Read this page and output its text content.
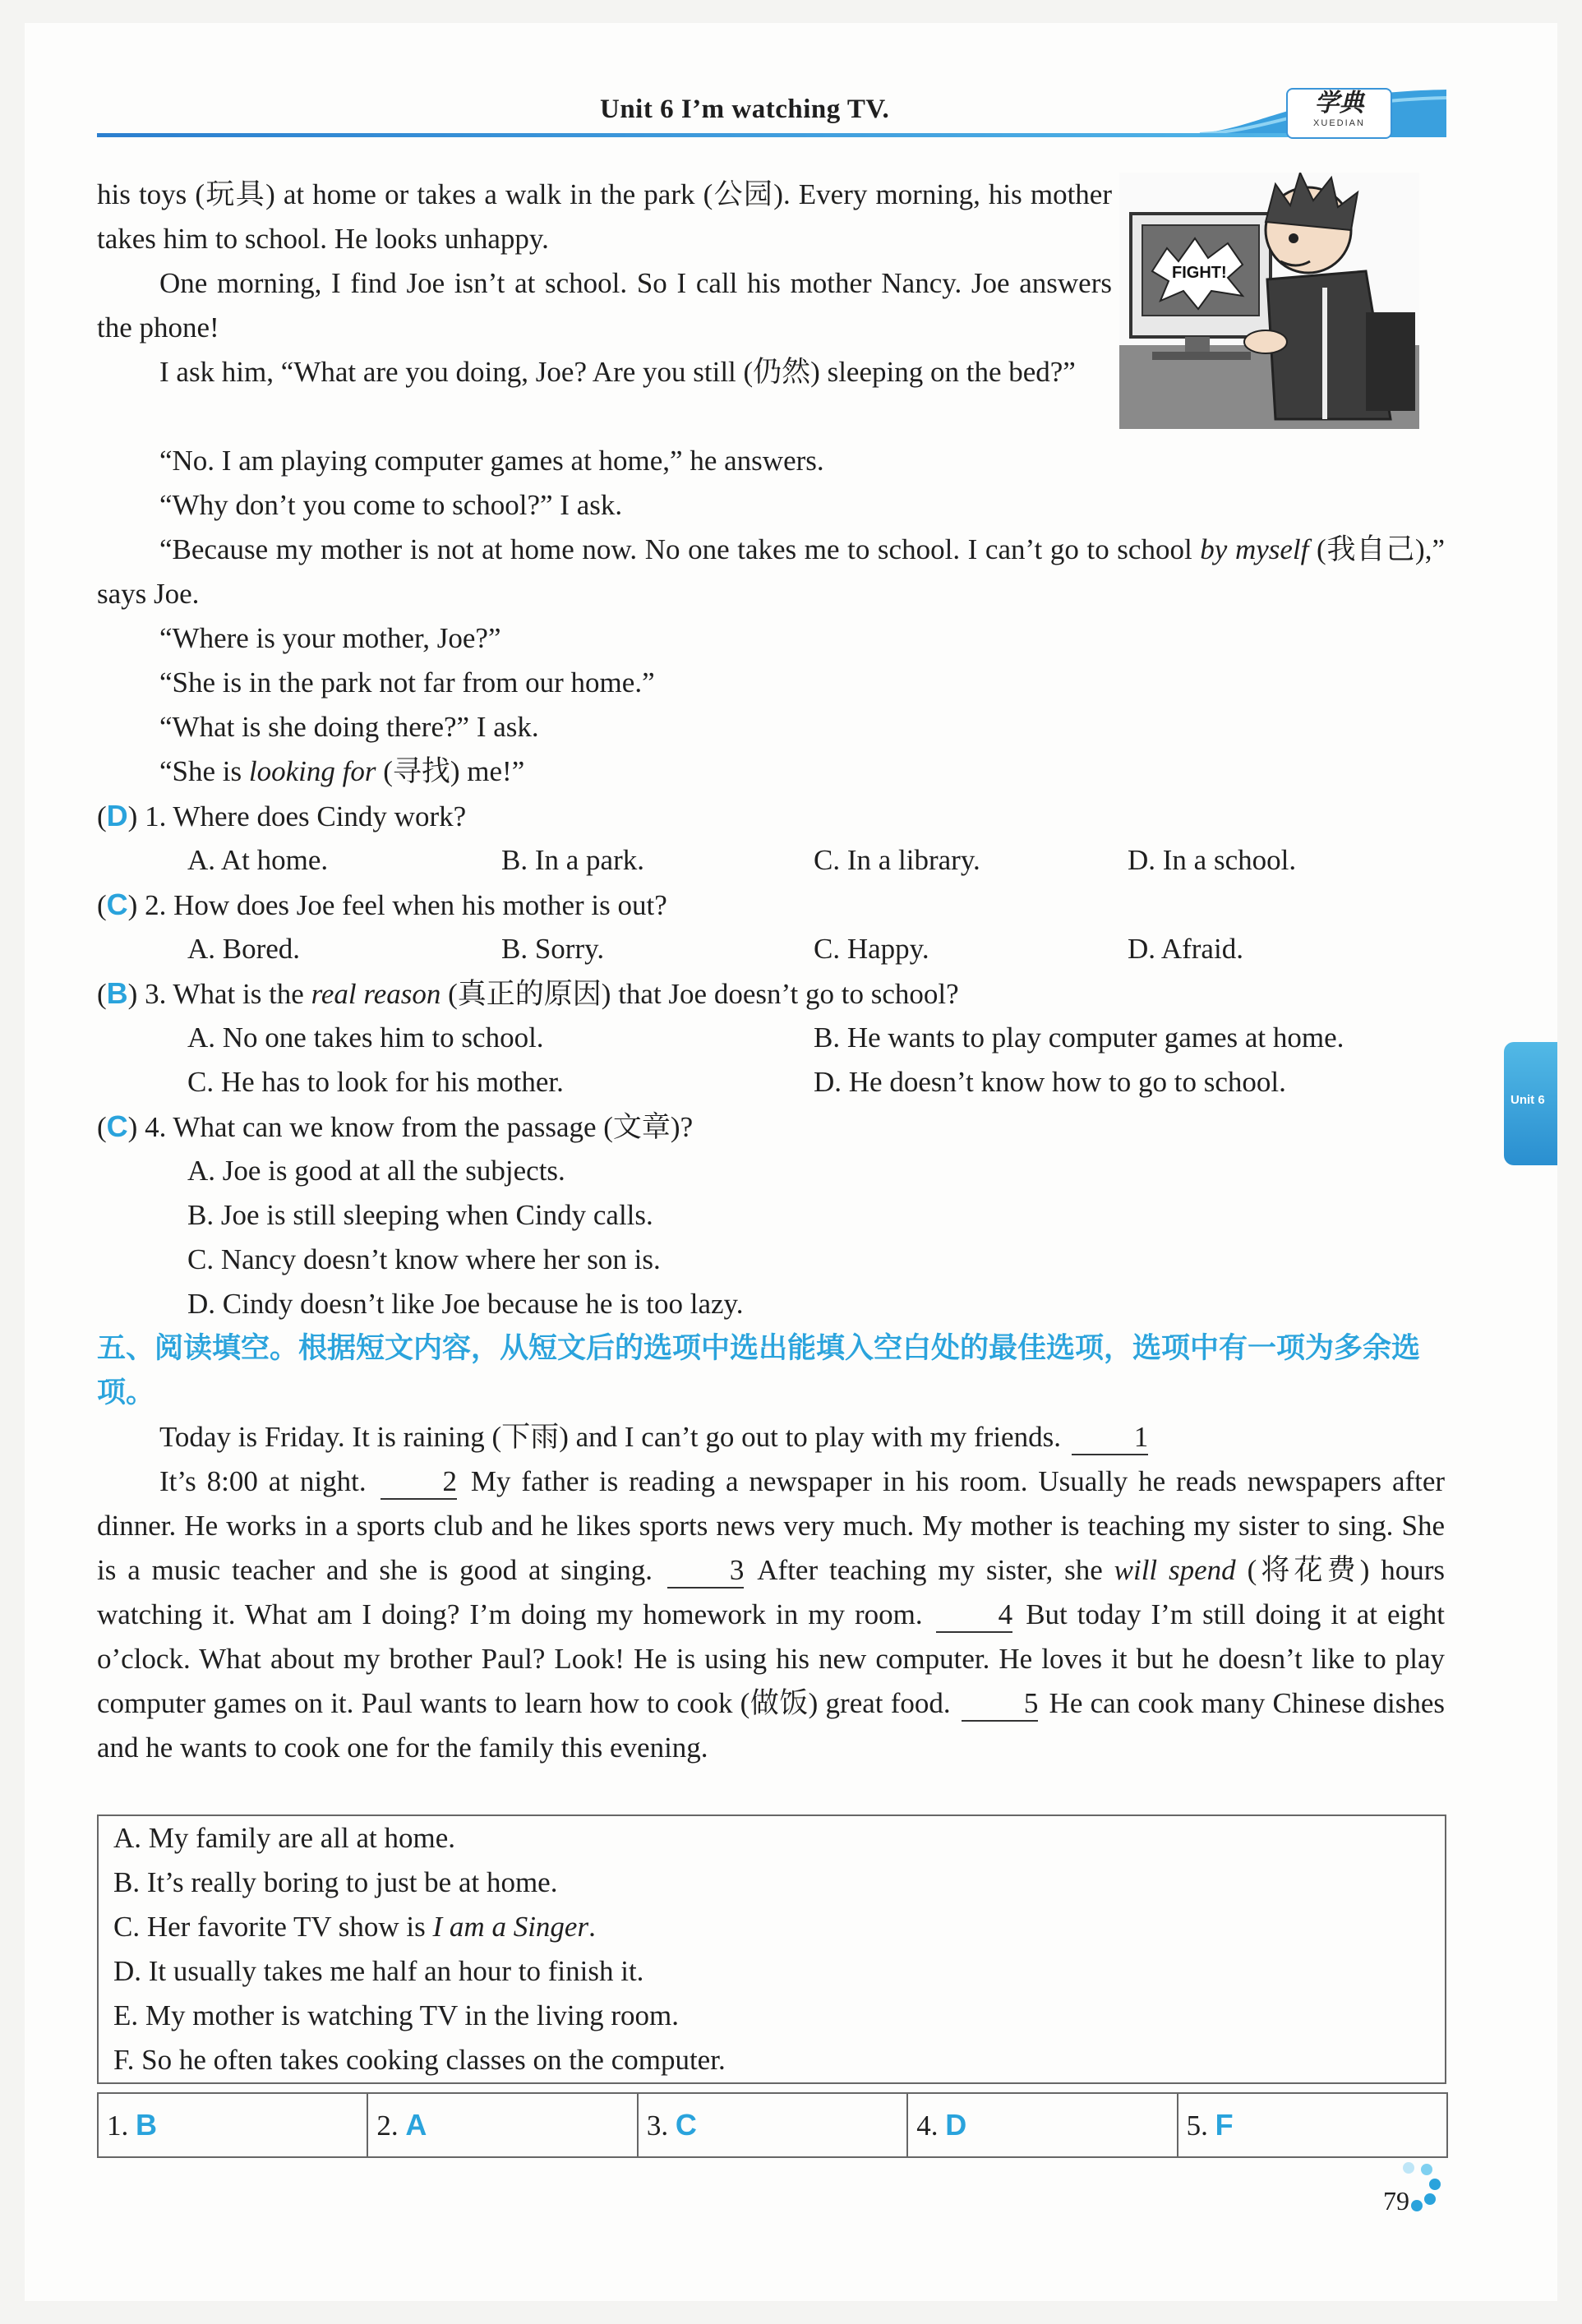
Unit 6 I’m watching TV.	学典
XUEDIAN

his toys (玩具) at home or takes a walk in the park (公园). Every morning, his mother takes him to school. He looks unhappy.

One morning, I find Joe isn’t at school. So I call his mother Nancy. Joe answers the phone!

I ask him, “What are you doing, Joe? Are you still (仍然) sleeping on the bed?”

FIGHT!

“No. I am playing computer games at home,” he answers.

“Why don’t you come to school?” I ask.

“Because my mother is not at home now. No one takes me to school. I can’t go to school by myself (我自己),” says Joe.

“Where is your mother, Joe?”

“She is in the park not far from our home.”

“What is she doing there?” I ask.

“She is looking for (寻找) me!”

(D) 1. Where does Cindy work?
A. At home.	B. In a park.	C. In a library.	D. In a school.
(C) 2. How does Joe feel when his mother is out?
A. Bored.	B. Sorry.	C. Happy.	D. Afraid.
(B) 3. What is the real reason (真正的原因) that Joe doesn’t go to school?
A. No one takes him to school.	B. He wants to play computer games at home.
C. He has to look for his mother.	D. He doesn’t know how to go to school.
(C) 4. What can we know from the passage (文章)?
A. Joe is good at all the subjects.
B. Joe is still sleeping when Cindy calls.
C. Nancy doesn’t know where her son is.
D. Cindy doesn’t like Joe because he is too lazy.
五、阅读填空。根据短文内容，从短文后的选项中选出能填入空白处的最佳选项，选项中有一项为多余选项。

Today is Friday. It is raining (下雨) and I can’t go out to play with my friends.	1

It’s 8:00 at night.	2 My father is reading a newspaper in his room. Usually he reads newspapers after dinner. He works in a sports club and he likes sports news very much. My mother is teaching my sister to sing. She is a music teacher and she is good at singing.	3 After teaching my sister, she will spend (将花费) hours watching it. What am I doing? I’m doing my homework in my room.	4 But today I’m still doing it at eight o’clock. What about my brother Paul? Look! He is using his new computer. He loves it but he doesn’t like to play computer games on it. Paul wants to learn how to cook (做饭) great food.	5 He can cook many Chinese dishes and he wants to cook one for the family this evening.

A. My family are all at home.
B. It’s really boring to just be at home.
C. Her favorite TV show is I am a Singer.
D. It usually takes me half an hour to finish it.
E. My mother is watching TV in the living room.
F. So he often takes cooking classes on the computer.
1. B	2. A	3. C	4. D	5. F
Unit 6
79
